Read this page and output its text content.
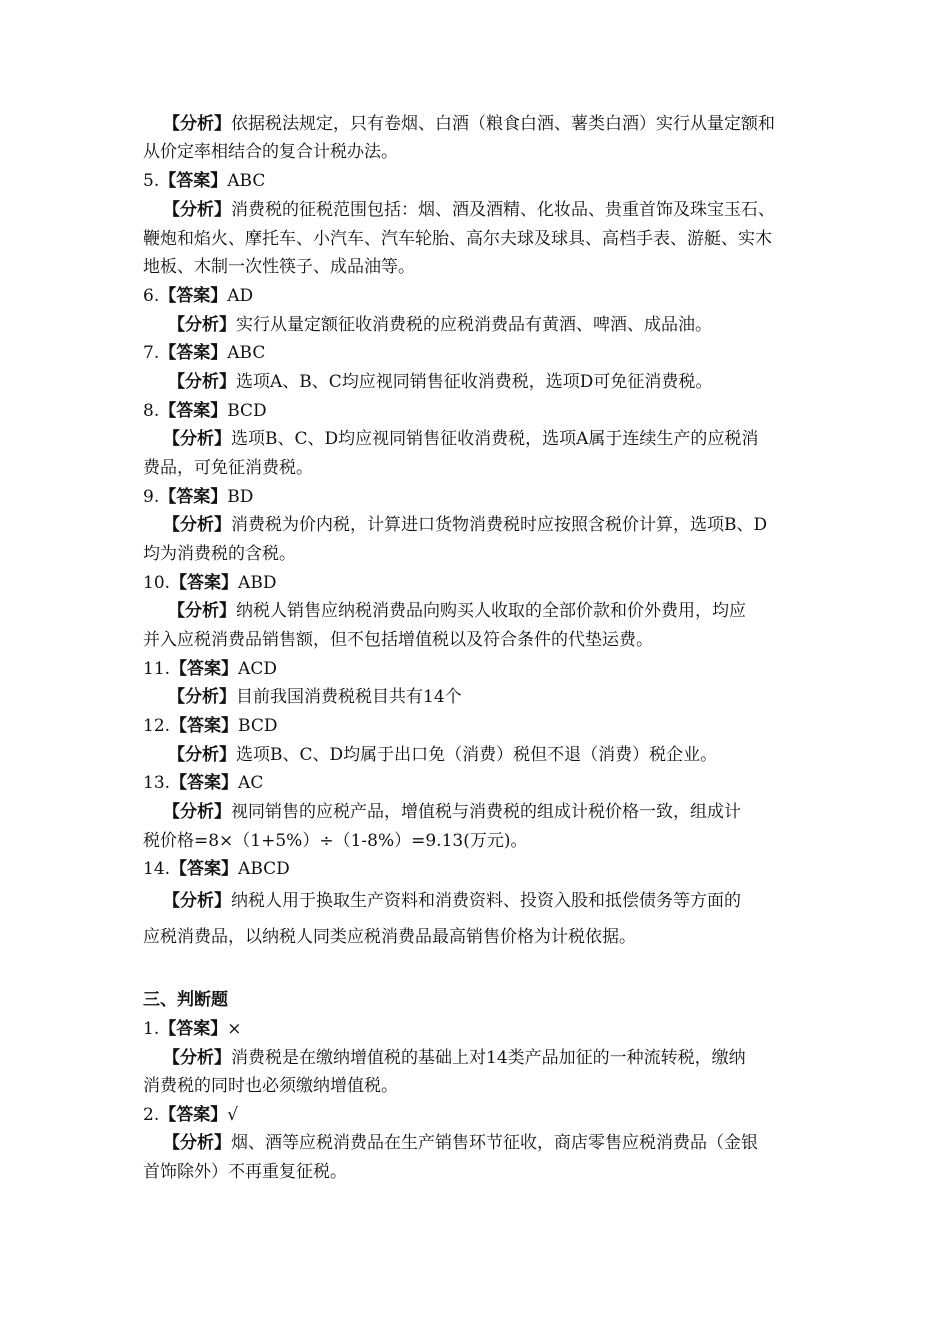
【分析】依据税法规定，只有卷烟、白酒（粮食白酒、薯类白酒）实行从量定额和
从价定率相结合的复合计税办法。
5.【答案】ABC
【分析】消费税的征税范围包括：烟、酒及酒精、化妆品、贵重首饰及珠宝玉石、
鞭炮和焰火、摩托车、小汽车、汽车轮胎、高尔夫球及球具、高档手表、游艇、实木
地板、木制一次性筷子、成品油等。
6.【答案】AD
【分析】实行从量定额征收消费税的应税消费品有黄酒、啤酒、成品油。
7.【答案】ABC
【分析】选项A、B、C均应视同销售征收消费税，选项D可免征消费税。
8.【答案】BCD
【分析】选项B、C、D均应视同销售征收消费税，选项A属于连续生产的应税消
费品，可免征消费税。
9.【答案】BD
【分析】消费税为价内税，计算进口货物消费税时应按照含税价计算，选项B、D
均为消费税的含税。
10.【答案】ABD
【分析】纳税人销售应纳税消费品向购买人收取的全部价款和价外费用，均应
并入应税消费品销售额，但不包括增值税以及符合条件的代垫运费。
11.【答案】ACD
【分析】目前我国消费税税目共有14个
12.【答案】BCD
【分析】选项B、C、D均属于出口免（消费）税但不退（消费）税企业。
13.【答案】AC
【分析】视同销售的应税产品，增值税与消费税的组成计税价格一致，组成计
税价格=8×（1+5%）÷（1-8%）=9.13(万元)。
14.【答案】ABCD
【分析】纳税人用于换取生产资料和消费资料、投资入股和抵偿债务等方面的
应税消费品，以纳税人同类应税消费品最高销售价格为计税依据。
三、判断题
1.【答案】×
【分析】消费税是在缴纳增值税的基础上对14类产品加征的一种流转税，缴纳
消费税的同时也必须缴纳增值税。
2.【答案】√
【分析】烟、酒等应税消费品在生产销售环节征收，商店零售应税消费品（金银
首饰除外）不再重复征税。
